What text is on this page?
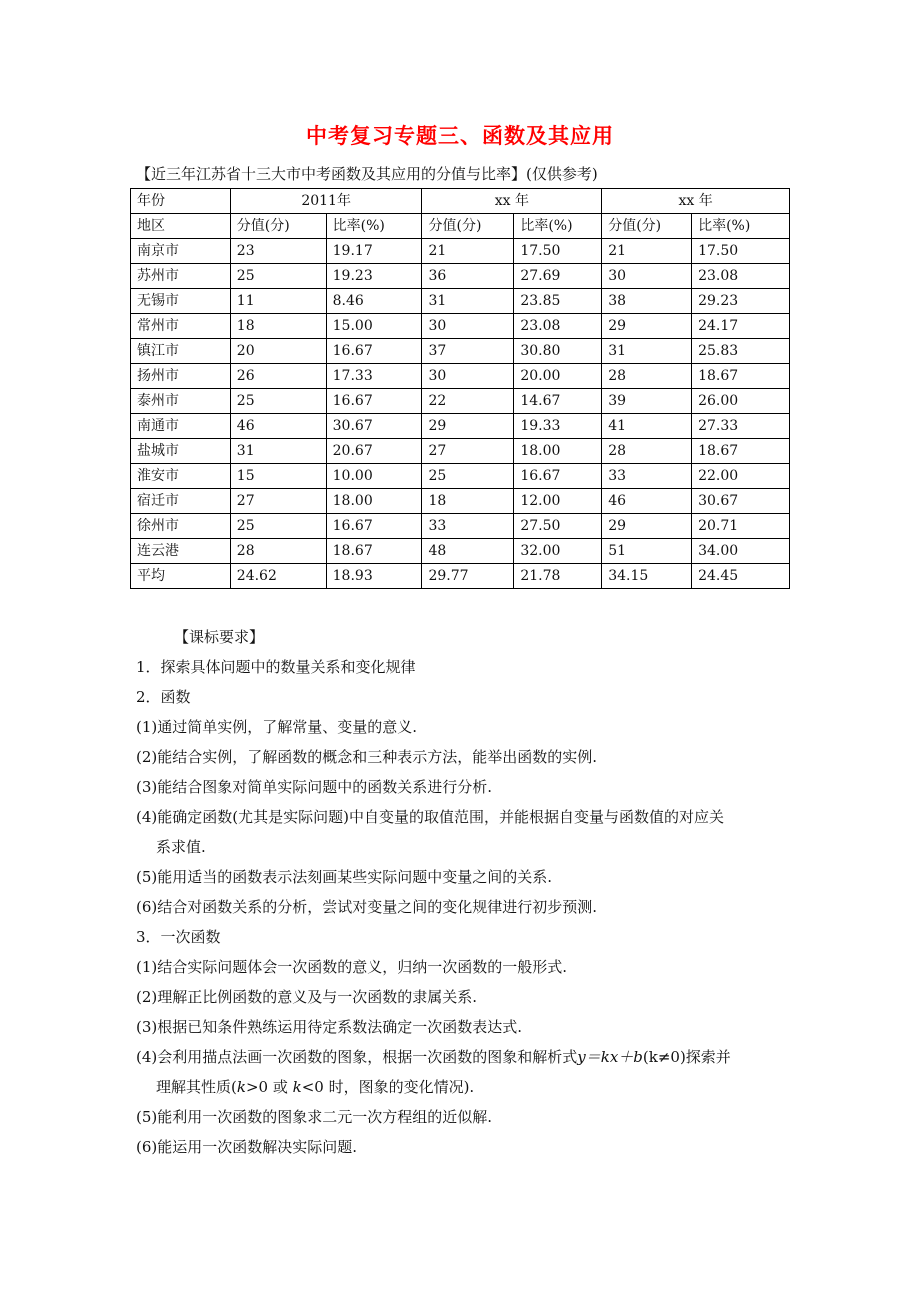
中考复习专题三、函数及其应用
【近三年江苏省十三大市中考函数及其应用的分值与比率】(仅供参考)
年份	2011年		xx 年		xx 年	
地区	分值(分)	比率(%)	分值(分)	比率(%)	分值(分)	比率(%)
南京市	23	19.17	21	17.50	21	17.50
苏州市	25	19.23	36	27.69	30	23.08
无锡市	11	8.46	31	23.85	38	29.23
常州市	18	15.00	30	23.08	29	24.17
镇江市	20	16.67	37	30.80	31	25.83
扬州市	26	17.33	30	20.00	28	18.67
泰州市	25	16.67	22	14.67	39	26.00
南通市	46	30.67	29	19.33	41	27.33
盐城市	31	20.67	27	18.00	28	18.67
淮安市	15	10.00	25	16.67	33	22.00
宿迁市	27	18.00	18	12.00	46	30.67
徐州市	25	16.67	33	27.50	29	20.71
连云港	28	18.67	48	32.00	51	34.00
平均	24.62	18.93	29.77	21.78	34.15	24.45
【课标要求】
1．探索具体问题中的数量关系和变化规律
2．函数
(1)通过简单实例，了解常量、变量的意义.
(2)能结合实例，了解函数的概念和三种表示方法，能举出函数的实例.
(3)能结合图象对简单实际问题中的函数关系进行分析.
(4)能确定函数(尤其是实际问题)中自变量的取值范围，并能根据自变量与函数值的对应关
系求值.
(5)能用适当的函数表示法刻画某些实际问题中变量之间的关系.
(6)结合对函数关系的分析，尝试对变量之间的变化规律进行初步预测.
3．一次函数
(1)结合实际问题体会一次函数的意义，归纳一次函数的一般形式.
(2)理解正比例函数的意义及与一次函数的隶属关系.
(3)根据已知条件熟练运用待定系数法确定一次函数表达式.
(4)会利用描点法画一次函数的图象，根据一次函数的图象和解析式y＝kx＋b(k≠0)探索并
理解其性质(k>0 或 k<0 时，图象的变化情况).
(5)能利用一次函数的图象求二元一次方程组的近似解.
(6)能运用一次函数解决实际问题.
